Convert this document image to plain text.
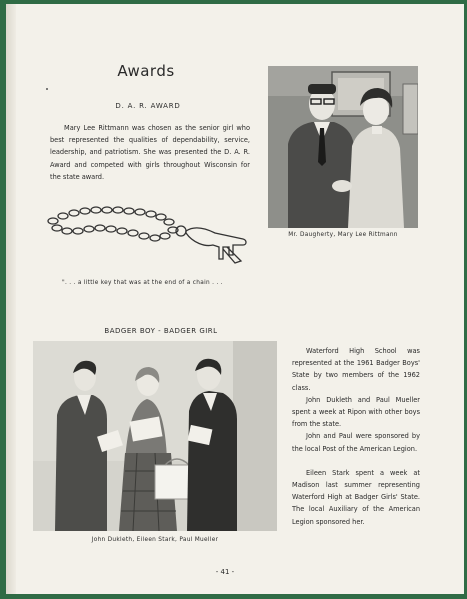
Awards
D. A. R. AWARD
Mary Lee Rittmann was chosen as the senior girl who best represented the qualities of dependability, service, leadership, and patriotism. She was presented the D. A. R. Award and competed with girls throughout Wisconsin for the state award.
Mr. Daugherty, Mary Lee Rittmann
". . . a little key that was at the end of a chain . . .
BADGER BOY - BADGER GIRL
John Dukleth, Eileen Stark, Paul Mueller

Waterford High School was represented at the 1961 Badger Boys' State by two members of the 1962 class.

John Dukleth and Paul Mueller spent a week at Ripon with other boys from the state.

John and Paul were sponsored by the local Post of the American Legion.

Eileen Stark spent a week at Madison last summer representing Waterford High at Badger Girls' State. The local Auxiliary of the American Legion sponsored her.

- 41 -
